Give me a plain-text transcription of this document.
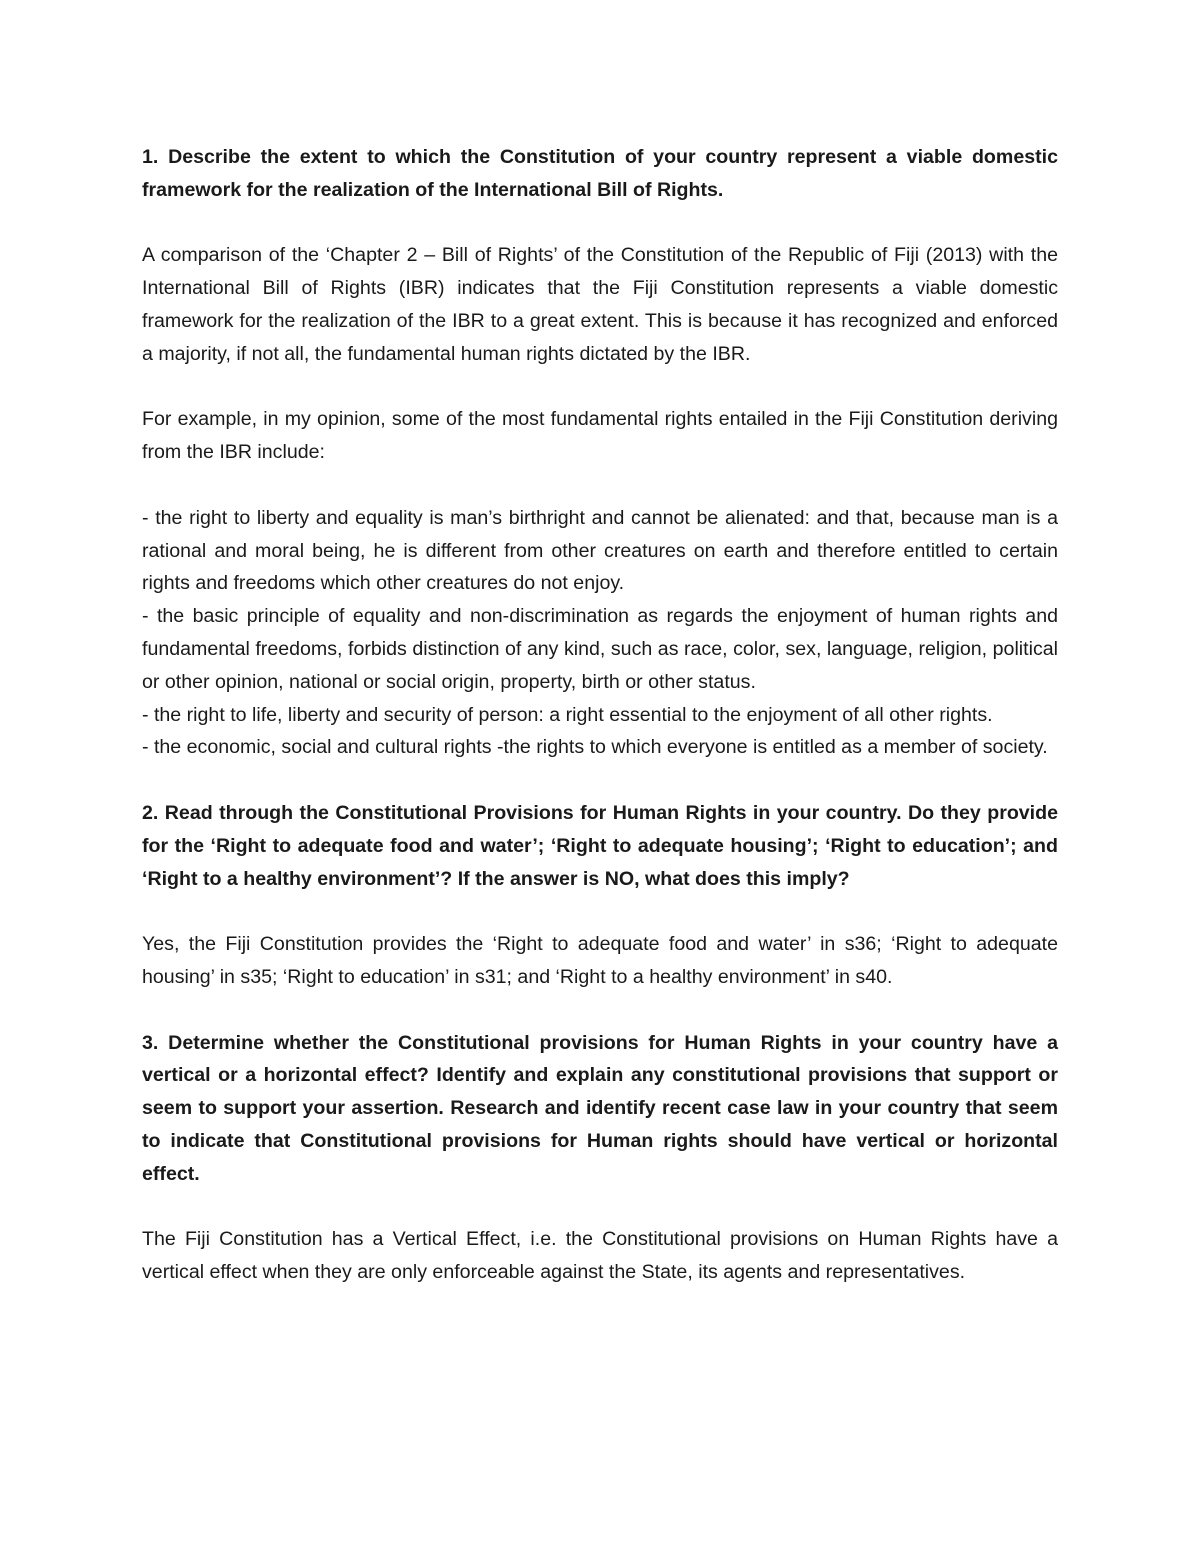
1. Describe the extent to which the Constitution of your country represent a viable domestic framework for the realization of the International Bill of Rights.

A comparison of the ‘Chapter 2 – Bill of Rights’ of the Constitution of the Republic of Fiji (2013) with the International Bill of Rights (IBR) indicates that the Fiji Constitution represents a viable domestic framework for the realization of the IBR to a great extent. This is because it has recognized and enforced a majority, if not all, the fundamental human rights dictated by the IBR.

For example, in my opinion, some of the most fundamental rights entailed in the Fiji Constitution deriving from the IBR include:

- the right to liberty and equality is man’s birthright and cannot be alienated: and that, because man is a rational and moral being, he is different from other creatures on earth and therefore entitled to certain rights and freedoms which other creatures do not enjoy.

- the basic principle of equality and non-discrimination as regards the enjoyment of human rights and fundamental freedoms, forbids distinction of any kind, such as race, color, sex, language, religion, political or other opinion, national or social origin, property, birth or other status.

- the right to life, liberty and security of person: a right essential to the enjoyment of all other rights.

- the economic, social and cultural rights -the rights to which everyone is entitled as a member of society.

2. Read through the Constitutional Provisions for Human Rights in your country. Do they provide for the ‘Right to adequate food and water’; ‘Right to adequate housing’; ‘Right to education’; and ‘Right to a healthy environment’? If the answer is NO, what does this imply?

Yes, the Fiji Constitution provides the ‘Right to adequate food and water’ in s36; ‘Right to adequate housing’ in s35; ‘Right to education’ in s31; and ‘Right to a healthy environment’ in s40.

3. Determine whether the Constitutional provisions for Human Rights in your country have a vertical or a horizontal effect? Identify and explain any constitutional provisions that support or seem to support your assertion. Research and identify recent case law in your country that seem to indicate that Constitutional provisions for Human rights should have vertical or horizontal effect.

The Fiji Constitution has a Vertical Effect, i.e. the Constitutional provisions on Human Rights have a vertical effect when they are only enforceable against the State, its agents and representatives.
